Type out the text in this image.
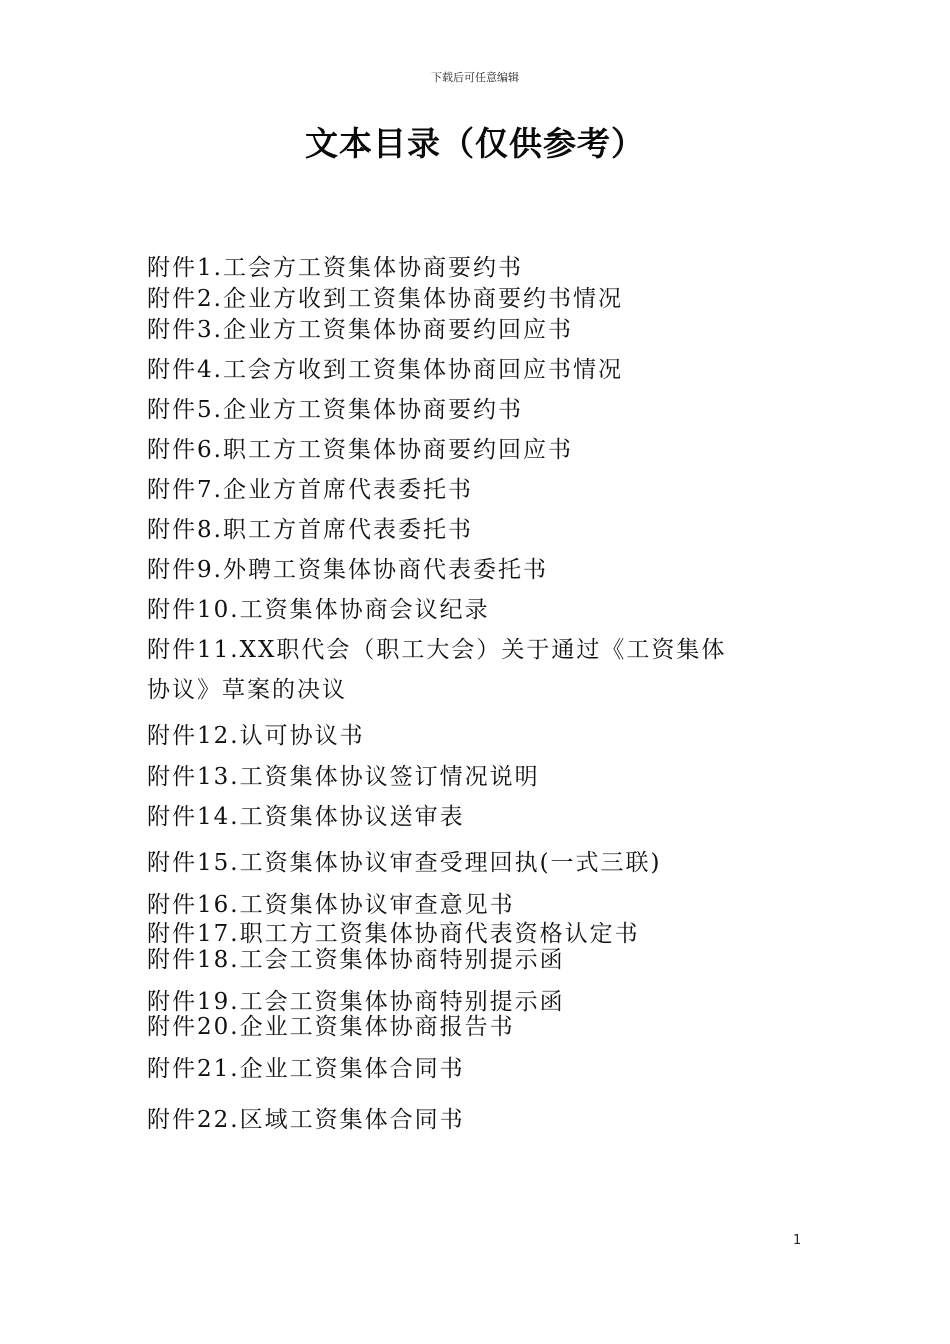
下载后可任意编辑
文本目录（仅供参考）
附件1.工会方工资集体协商要约书
附件2.企业方收到工资集体协商要约书情况
附件3.企业方工资集体协商要约回应书
附件4.工会方收到工资集体协商回应书情况
附件5.企业方工资集体协商要约书
附件6.职工方工资集体协商要约回应书
附件7.企业方首席代表委托书
附件8.职工方首席代表委托书
附件9.外聘工资集体协商代表委托书
附件10.工资集体协商会议纪录
附件11.XX职代会（职工大会）关于通过《工资集体
协议》草案的决议
附件12.认可协议书
附件13.工资集体协议签订情况说明
附件14.工资集体协议送审表
附件15.工资集体协议审查受理回执(一式三联)
附件16.工资集体协议审查意见书
附件17.职工方工资集体协商代表资格认定书
附件18.工会工资集体协商特别提示函
附件19.工会工资集体协商特别提示函
附件20.企业工资集体协商报告书
附件21.企业工资集体合同书
附件22.区域工资集体合同书
1
